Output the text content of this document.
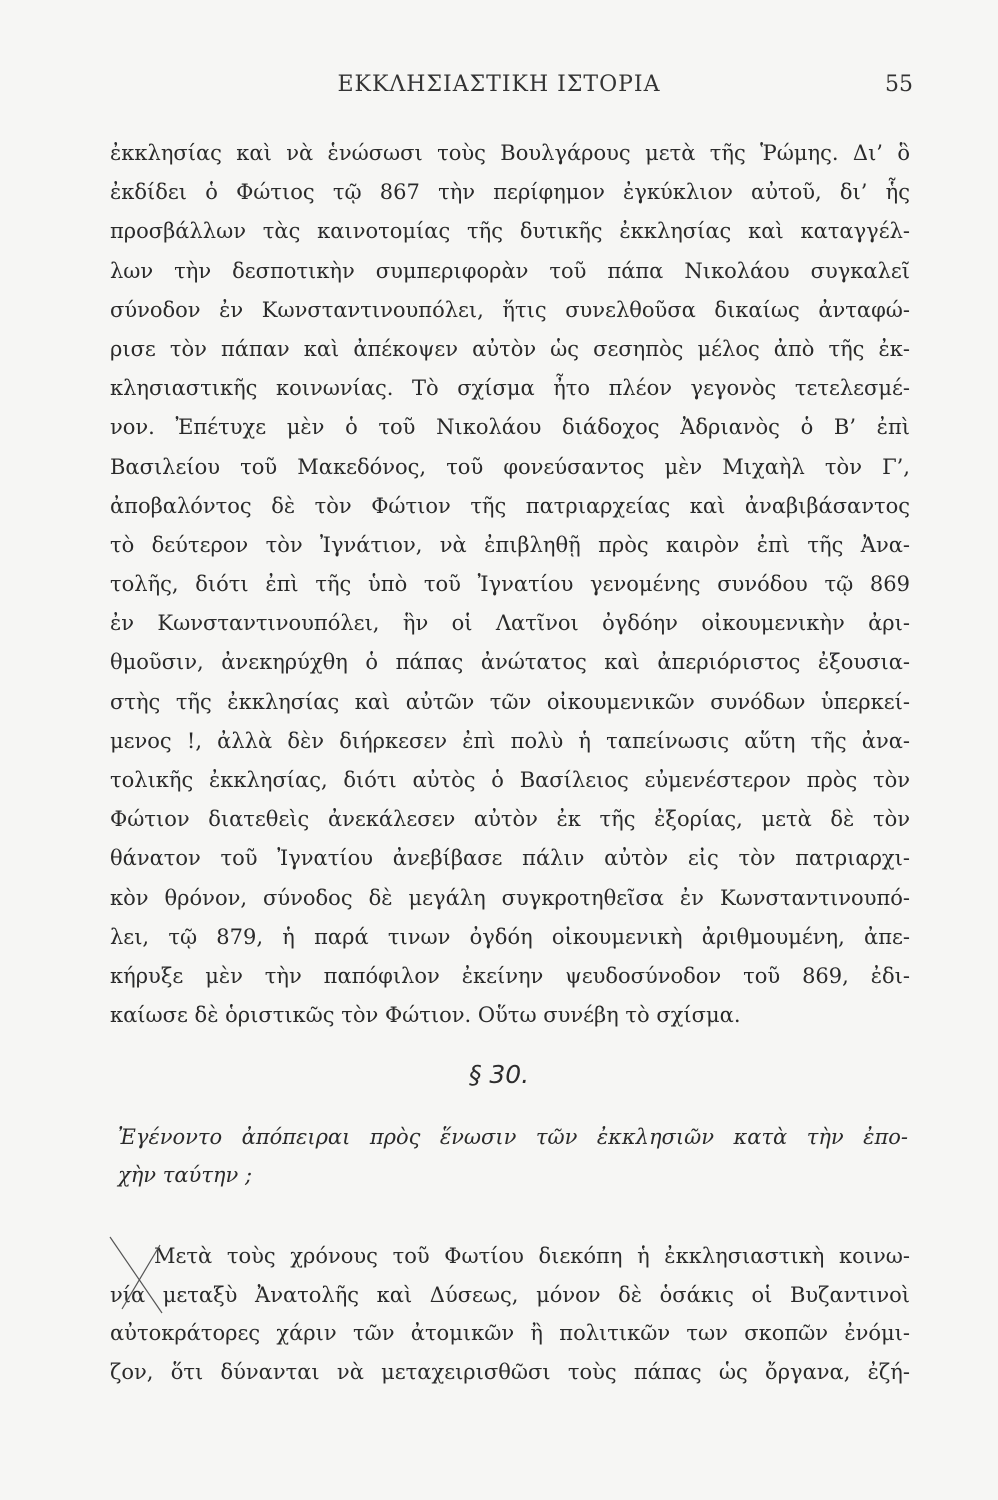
ΕΚΚΛΗΣΙΑΣΤΙΚΗ ΙΣΤΟΡΙΑ	55
ἐκκλησίας καὶ νὰ ἑνώσωσι τοὺς Βουλγάρους μετὰ τῆς Ῥώμης. Δι’ ὃ
ἐκδίδει ὁ Φώτιος τῷ 867 τὴν περίφημον ἐγκύκλιον αὐτοῦ, δι’ ἧς
προσβάλλων τὰς καινοτομίας τῆς δυτικῆς ἐκκλησίας καὶ καταγγέλ-
λων τὴν δεσποτικὴν συμπεριφορὰν τοῦ πάπα Νικολάου συγκαλεῖ
σύνοδον ἐν Κωνσταντινουπόλει, ἥτις συνελθοῦσα δικαίως ἀνταφώ-
ρισε τὸν πάπαν καὶ ἀπέκοψεν αὐτὸν ὡς σεσηπὸς μέλος ἀπὸ τῆς ἐκ-
κλησιαστικῆς κοινωνίας. Τὸ σχίσμα ἦτο πλέον γεγονὸς τετελεσμέ-
νον. Ἐπέτυχε μὲν ὁ τοῦ Νικολάου διάδοχος Ἀδριανὸς ὁ Β’ ἐπὶ
Βασιλείου τοῦ Μακεδόνος, τοῦ φονεύσαντος μὲν Μιχαὴλ τὸν Γ’,
ἀποβαλόντος δὲ τὸν Φώτιον τῆς πατριαρχείας καὶ ἀναβιβάσαντος
τὸ δεύτερον τὸν Ἰγνάτιον, νὰ ἐπιβληθῇ πρὸς καιρὸν ἐπὶ τῆς Ἀνα-
τολῆς, διότι ἐπὶ τῆς ὑπὸ τοῦ Ἰγνατίου γενομένης συνόδου τῷ 869
ἐν Κωνσταντινουπόλει, ἣν οἱ Λατῖνοι ὀγδόην οἰκουμενικὴν ἀρι-
θμοῦσιν, ἀνεκηρύχθη ὁ πάπας ἀνώτατος καὶ ἀπεριόριστος ἐξουσια-
στὴς τῆς ἐκκλησίας καὶ αὐτῶν τῶν οἰκουμενικῶν συνόδων ὑπερκεί-
μενος !, ἀλλὰ δὲν διήρκεσεν ἐπὶ πολὺ ἡ ταπείνωσις αὕτη τῆς ἀνα-
τολικῆς ἐκκλησίας, διότι αὐτὸς ὁ Βασίλειος εὐμενέστερον πρὸς τὸν
Φώτιον διατεθεὶς ἀνεκάλεσεν αὐτὸν ἐκ τῆς ἐξορίας, μετὰ δὲ τὸν
θάνατον τοῦ Ἰγνατίου ἀνεβίβασε πάλιν αὐτὸν εἰς τὸν πατριαρχι-
κὸν θρόνον, σύνοδος δὲ μεγάλη συγκροτηθεῖσα ἐν Κωνσταντινουπό-
λει, τῷ 879, ἡ παρά τινων ὀγδόη οἰκουμενικὴ ἀριθμουμένη, ἀπε-
κήρυξε μὲν τὴν παπόφιλον ἐκείνην ψευδοσύνοδον τοῦ 869, ἐδι-
καίωσε δὲ ὁριστικῶς τὸν Φώτιον. Οὕτω συνέβη τὸ σχίσμα.
§ 30.
Ἐγένοντο ἀπόπειραι πρὸς ἕνωσιν τῶν ἐκκλησιῶν κατὰ τὴν ἐπο-
χὴν ταύτην ;
Μετὰ τοὺς χρόνους τοῦ Φωτίου διεκόπη ἡ ἐκκλησιαστικὴ κοινω-
νία μεταξὺ Ἀνατολῆς καὶ Δύσεως, μόνον δὲ ὁσάκις οἱ Βυζαντινοὶ
αὐτοκράτορες χάριν τῶν ἀτομικῶν ἢ πολιτικῶν των σκοπῶν ἐνόμι-
ζον, ὅτι δύνανται νὰ μεταχειρισθῶσι τοὺς πάπας ὡς ὄργανα, ἐζή-
